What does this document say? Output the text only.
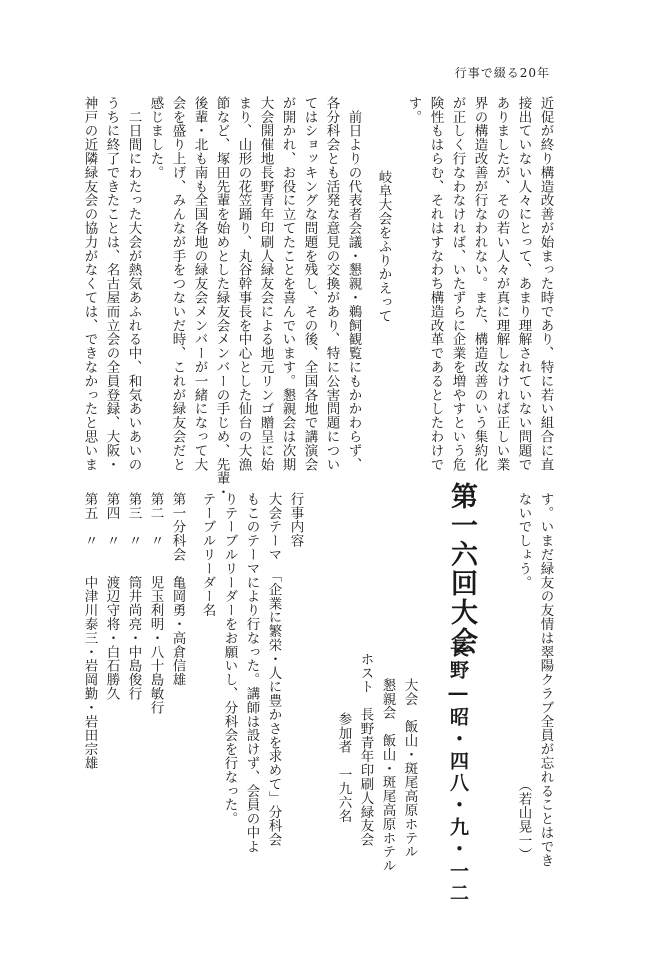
行事で綴る20年
近促が終り構造改善が始まった時であり、特に若い組合に直
接出ていない人々にとって、あまり理解されていない問題で
ありましたが、その若い人々が真に理解しなければ正しい業
界の構造改善が行なわれない。また、構造改善のいう集約化
が正しく行なわなければ、いたずらに企業を増やすという危
険性もはらむ、それはすなわち構造改革であるとしたわけで
す。
岐阜大会をふりかえって
　前日よりの代表者会議・懇親・鵜飼観覧にもかかわらず、
各分科会とも活発な意見の交換があり、特に公害問題につい
てはショッキングな問題を残し、その後、全国各地で講演会
が開かれ、お役に立てたことを喜んでいます。懇親会は次期
大会開催地長野青年印刷人緑友会による地元リンゴ贈呈に始
まり、山形の花笠踊り、丸谷幹事長を中心とした仙台の大漁
節など、塚田先輩を始めとした緑友会メンバーの手じめ、先輩・
後輩・北も南も全国各地の緑友会メンバーが一緒になって大
会を盛り上げ、みんなが手をつないだ時、これが緑友会だと
感じました。
　二日間にわたった大会が熱気あふれる中、和気あいあいの
うちに終了できたことは、名古屋而立会の全員登録、大阪・
神戸の近隣緑友会の協力がなくては、できなかったと思いま
す。いまだ緑友の友情は翠陽クラブ全員が忘れることはでき
ないでしょう。
（若山晃一）
第一六回大会
長野―昭・四八・九・一二
大会　飯山・斑尾高原ホテル
懇親会　飯山・斑尾高原ホテル
ホスト　長野青年印刷人緑友会
参加者　一九六名
行事内容
大会テーマ　「企業に繁栄・人に豊かさを求めて」分科会
もこのテーマにより行なった。講師は設けず、会員の中よ
りテーブルリーダーをお願いし、分科会を行なった。
テーブルリーダー名
第一分科会　亀岡勇・高倉信雄
第二　〃　　児玉利明・八十島敏行
第三　〃　　筒井尚亮・中島俊行
第四　〃　　渡辺守将・白石勝久
第五　〃　　中津川泰三・岩岡勤・岩田宗雄
